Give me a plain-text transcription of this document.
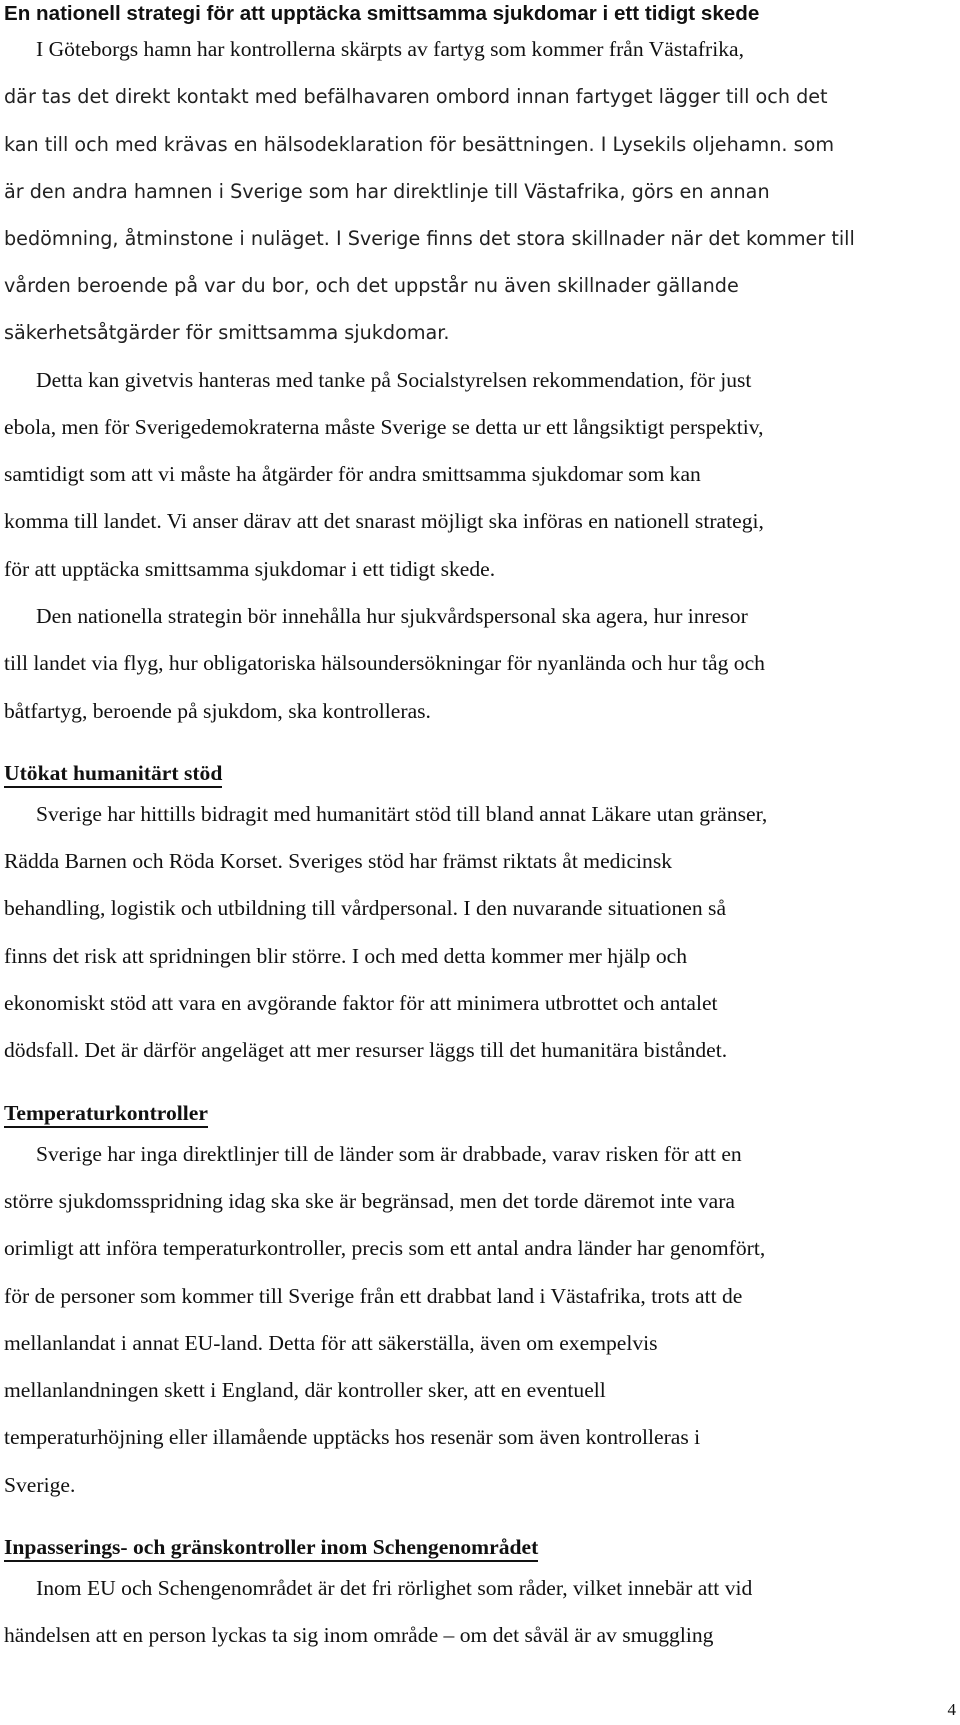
En nationell strategi för att upptäcka smittsamma sjukdomar i ett tidigt skede
I Göteborgs hamn har kontrollerna skärpts av fartyg som kommer från Västafrika,
där tas det direkt kontakt med befälhavaren ombord innan fartyget lägger till och det
kan till och med krävas en hälsodeklaration för besättningen. I Lysekils oljehamn. som
är den andra hamnen i Sverige som har direktlinje till Västafrika, görs en annan
bedömning, åtminstone i nuläget. I Sverige finns det stora skillnader när det kommer till
vården beroende på var du bor, och det uppstår nu även skillnader gällande
säkerhetsåtgärder för smittsamma sjukdomar.
Detta kan givetvis hanteras med tanke på Socialstyrelsen rekommendation, för just
ebola, men för Sverigedemokraterna måste Sverige se detta ur ett långsiktigt perspektiv,
samtidigt som att vi måste ha åtgärder för andra smittsamma sjukdomar som kan
komma till landet. Vi anser därav att det snarast möjligt ska införas en nationell strategi,
för att upptäcka smittsamma sjukdomar i ett tidigt skede.
Den nationella strategin bör innehålla hur sjukvårdspersonal ska agera, hur inresor
till landet via flyg, hur obligatoriska hälsoundersökningar för nyanlända och hur tåg och
båtfartyg, beroende på sjukdom, ska kontrolleras.
Utökat humanitärt stöd
Sverige har hittills bidragit med humanitärt stöd till bland annat Läkare utan gränser,
Rädda Barnen och Röda Korset. Sveriges stöd har främst riktats åt medicinsk
behandling, logistik och utbildning till vårdpersonal. I den nuvarande situationen så
finns det risk att spridningen blir större. I och med detta kommer mer hjälp och
ekonomiskt stöd att vara en avgörande faktor för att minimera utbrottet och antalet
dödsfall. Det är därför angeläget att mer resurser läggs till det humanitära biståndet.
Temperaturkontroller
Sverige har inga direktlinjer till de länder som är drabbade, varav risken för att en
större sjukdomsspridning idag ska ske är begränsad, men det torde däremot inte vara
orimligt att införa temperaturkontroller, precis som ett antal andra länder har genomfört,
för de personer som kommer till Sverige från ett drabbat land i Västafrika, trots att de
mellanlandat i annat EU-land. Detta för att säkerställa, även om exempelvis
mellanlandningen skett i England, där kontroller sker, att en eventuell
temperaturhöjning eller illamående upptäcks hos resenär som även kontrolleras i
Sverige.
Inpasserings- och gränskontroller inom Schengenområdet
Inom EU och Schengenområdet är det fri rörlighet som råder, vilket innebär att vid
händelsen att en person lyckas ta sig inom område – om det såväl är av smuggling
4
